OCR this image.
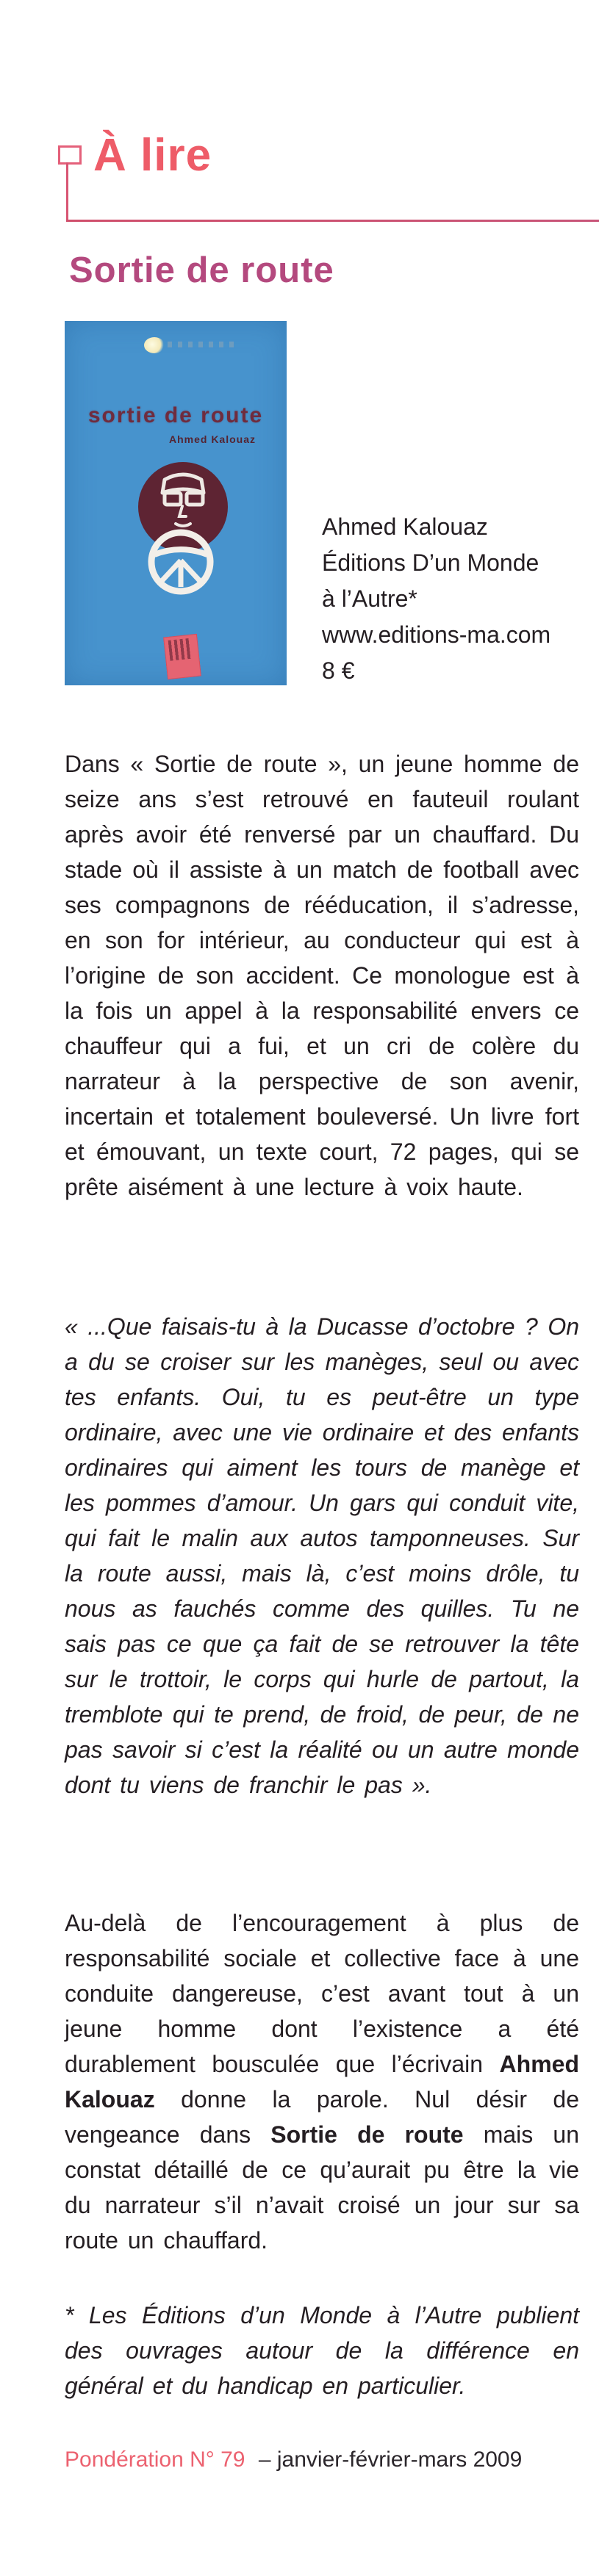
À lire
Sortie de route
sortie de route
Ahmed Kalouaz
Ahmed Kalouaz
Éditions D’un Monde
à l’Autre*
www.editions-ma.com
8 €

Dans « Sortie de route », un jeune homme de seize ans s’est retrouvé en fauteuil roulant après avoir été renversé par un chauffard. Du stade où il assiste à un match de football avec ses compagnons de rééducation, il s’adresse, en son for intérieur, au conducteur qui est à l’origine de son accident. Ce monologue est à la fois un appel à la responsabilité envers ce chauffeur qui a fui, et un cri de colère du narrateur à la perspective de son avenir, incertain et totalement bouleversé. Un livre fort et émouvant, un texte court, 72 pages, qui se prête aisément à une lecture à voix haute.

« ...Que faisais-tu à la Ducasse d’octobre ? On a du se croiser sur les manèges, seul ou avec tes enfants. Oui, tu es peut-être un type ordinaire, avec une vie ordinaire et des enfants ordinaires qui aiment les tours de manège et les pommes d’amour. Un gars qui conduit vite, qui fait le malin aux autos tamponneuses. Sur la route aussi, mais là, c’est moins drôle, tu nous as fauchés comme des quilles. Tu ne sais pas ce que ça fait de se retrouver la tête sur le trottoir, le corps qui hurle de partout, la tremblote qui te prend, de froid, de peur, de ne pas savoir si c’est la réalité ou un autre monde dont tu viens de franchir le pas ».

Au-delà de l’encouragement à plus de responsabilité sociale et collective face à une conduite dangereuse, c’est avant tout à un jeune homme dont l’existence a été durablement bousculée que l’écrivain Ahmed Kalouaz donne la parole. Nul désir de vengeance dans Sortie de route mais un constat détaillé de ce qu’aurait pu être la vie du narrateur s’il n’avait croisé un jour sur sa route un chauffard.

* Les Éditions d’un Monde à l’Autre publient des ouvrages autour de la différence en général et du handicap en particulier.

Pondération N° 79 – janvier-février-mars 2009
